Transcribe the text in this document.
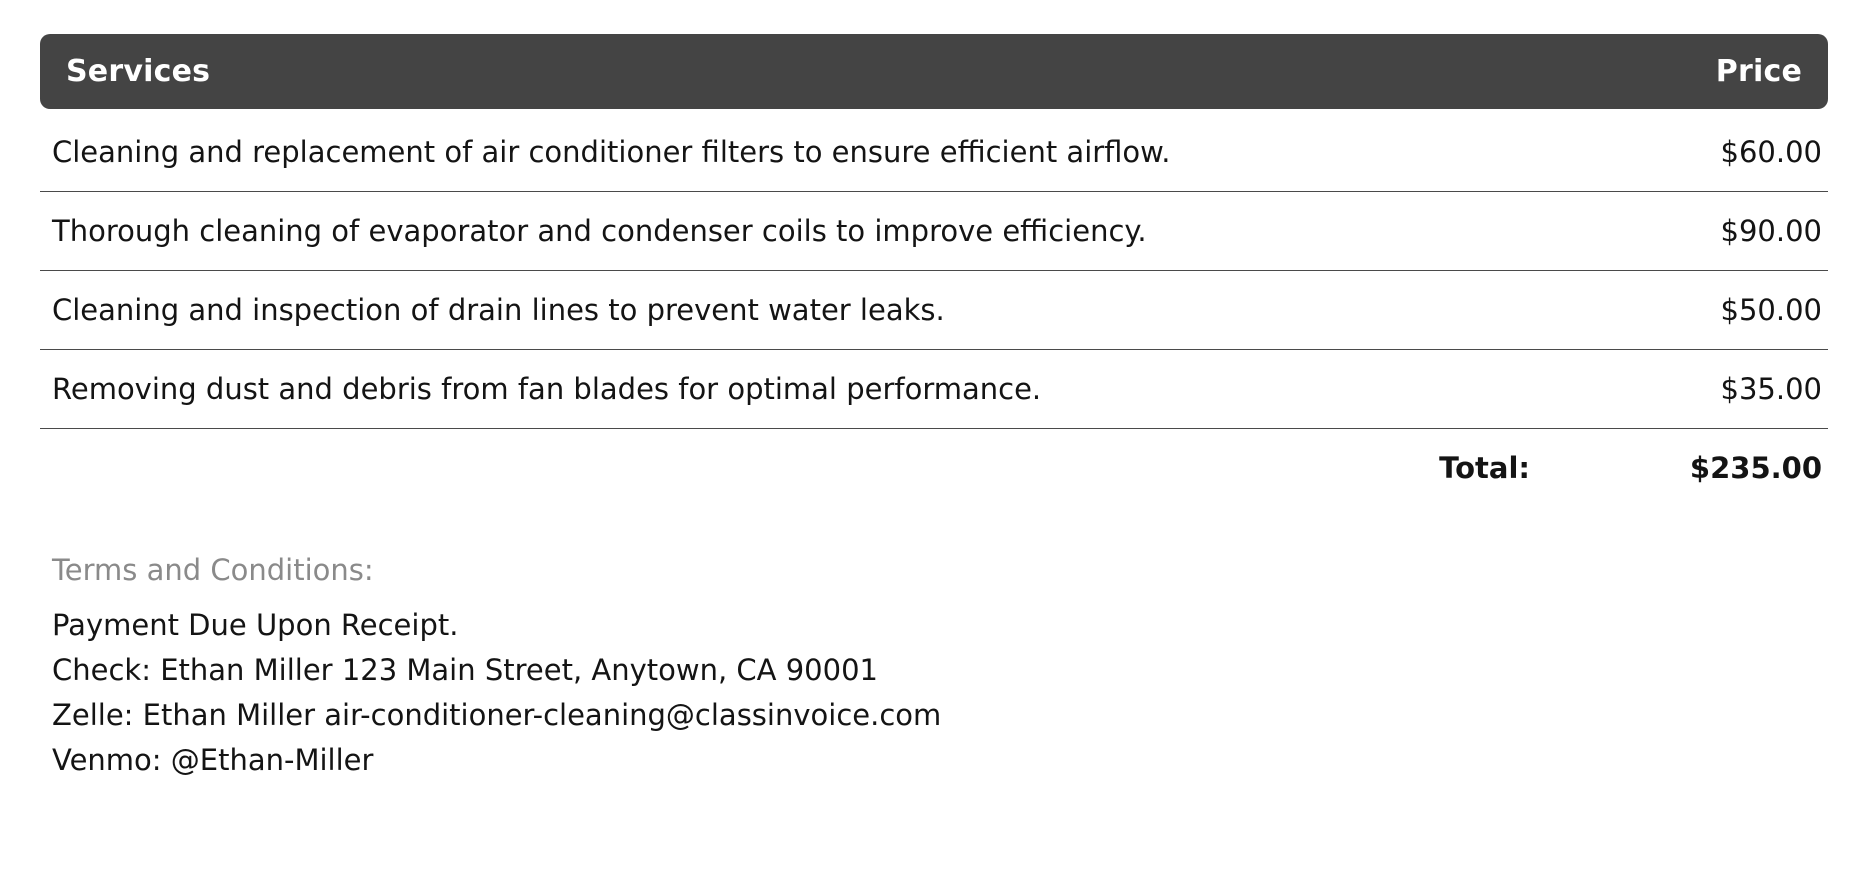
Services	Price
Cleaning and replacement of air conditioner filters to ensure efficient airflow.	$60.00
Thorough cleaning of evaporator and condenser coils to improve efficiency.	$90.00
Cleaning and inspection of drain lines to prevent water leaks.	$50.00
Removing dust and debris from fan blades for optimal performance.	$35.00
Total:	$235.00
Terms and Conditions:
Payment Due Upon Receipt.
Check: Ethan Miller 123 Main Street, Anytown, CA 90001
Zelle: Ethan Miller air-conditioner-cleaning@classinvoice.com
Venmo: @Ethan-Miller
